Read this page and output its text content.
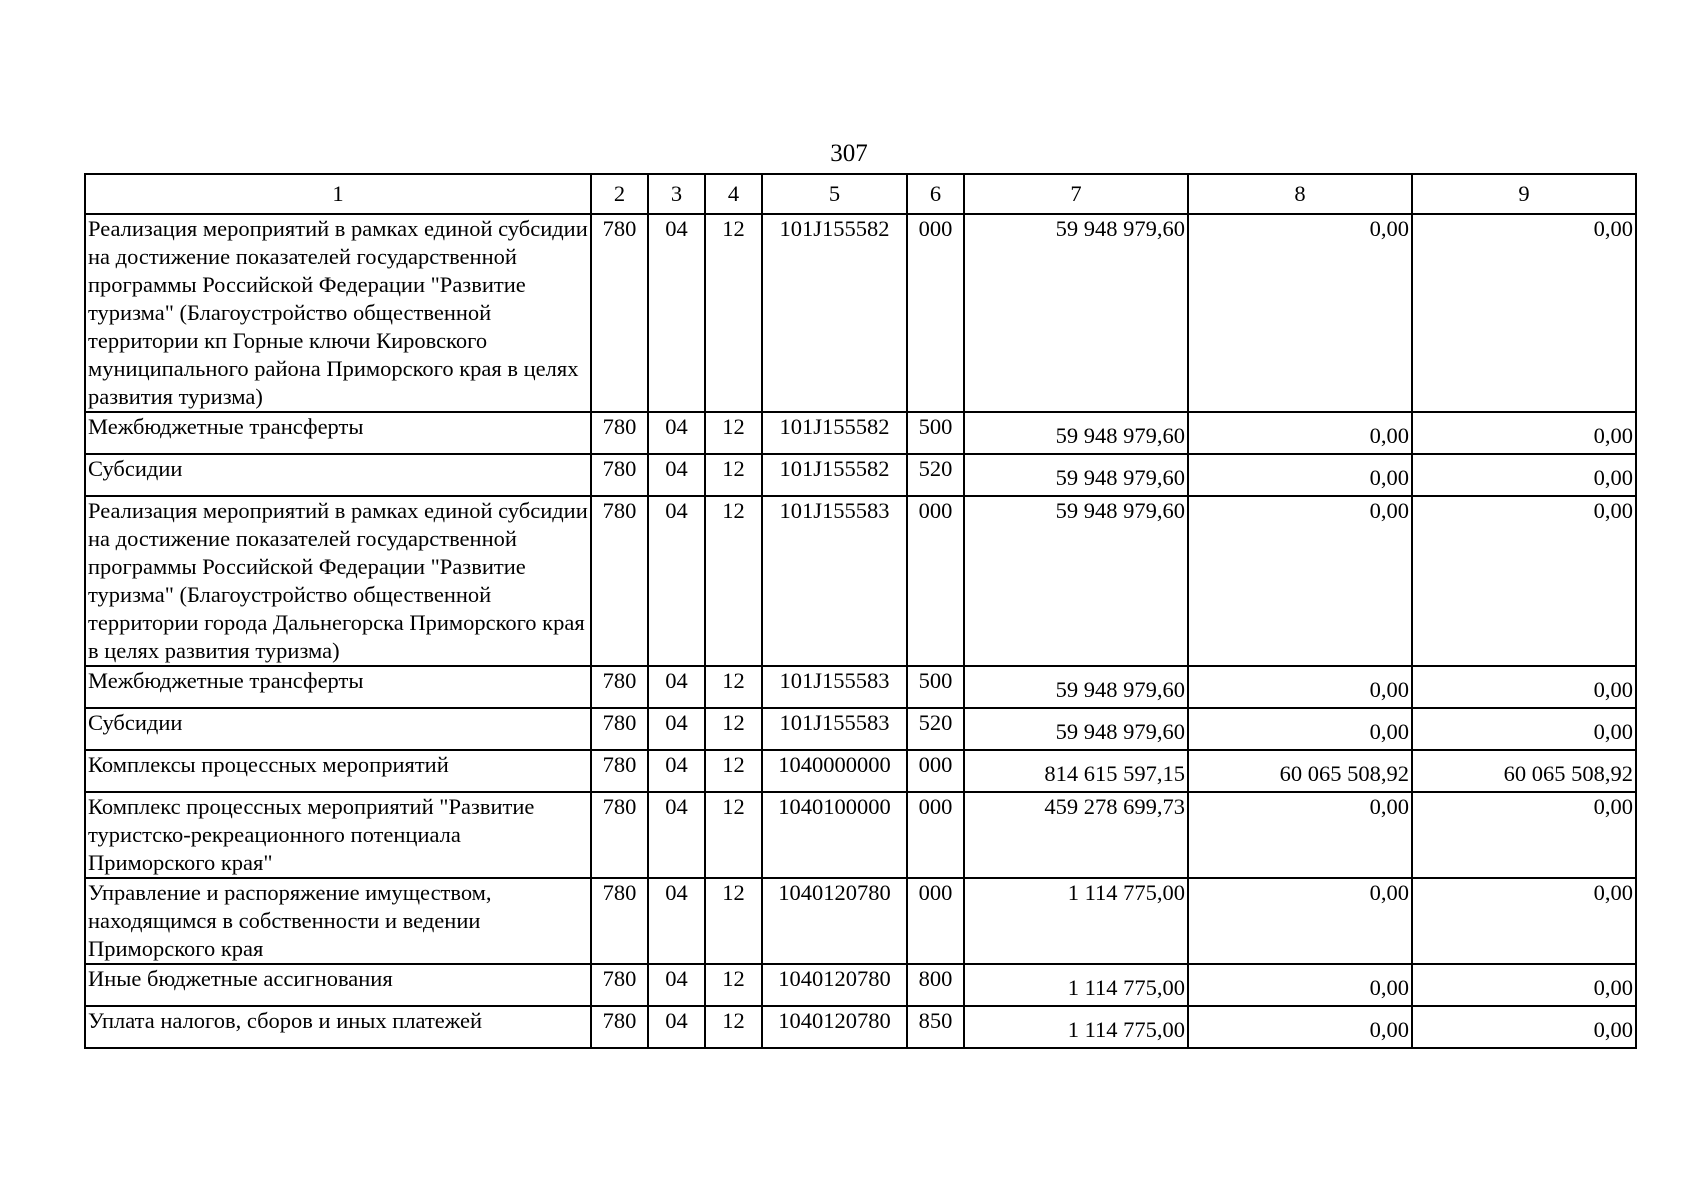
307
1	2	3	4	5	6	7	8	9
Реализация мероприятий в рамках единой субсидии на достижение показателей государственной программы Российской Федерации "Развитие туризма" (Благоустройство общественной территории кп Горные ключи Кировского муниципального района Приморского края в целях развития туризма)	780	04	12	101J155582	000	59 948 979,60	0,00	0,00
Межбюджетные трансферты	780	04	12	101J155582	500	59 948 979,60	0,00	0,00
Субсидии	780	04	12	101J155582	520	59 948 979,60	0,00	0,00
Реализация мероприятий в рамках единой субсидии на достижение показателей государственной программы Российской Федерации "Развитие туризма" (Благоустройство общественной территории города Дальнегорска Приморского края в целях развития туризма)	780	04	12	101J155583	000	59 948 979,60	0,00	0,00
Межбюджетные трансферты	780	04	12	101J155583	500	59 948 979,60	0,00	0,00
Субсидии	780	04	12	101J155583	520	59 948 979,60	0,00	0,00
Комплексы процессных мероприятий	780	04	12	1040000000	000	814 615 597,15	60 065 508,92	60 065 508,92
Комплекс процессных мероприятий "Развитие туристско-рекреационного потенциала Приморского края"	780	04	12	1040100000	000	459 278 699,73	0,00	0,00
Управление и распоряжение имуществом, находящимся в собственности и ведении Приморского края	780	04	12	1040120780	000	1 114 775,00	0,00	0,00
Иные бюджетные ассигнования	780	04	12	1040120780	800	1 114 775,00	0,00	0,00
Уплата налогов, сборов и иных платежей	780	04	12	1040120780	850	1 114 775,00	0,00	0,00
